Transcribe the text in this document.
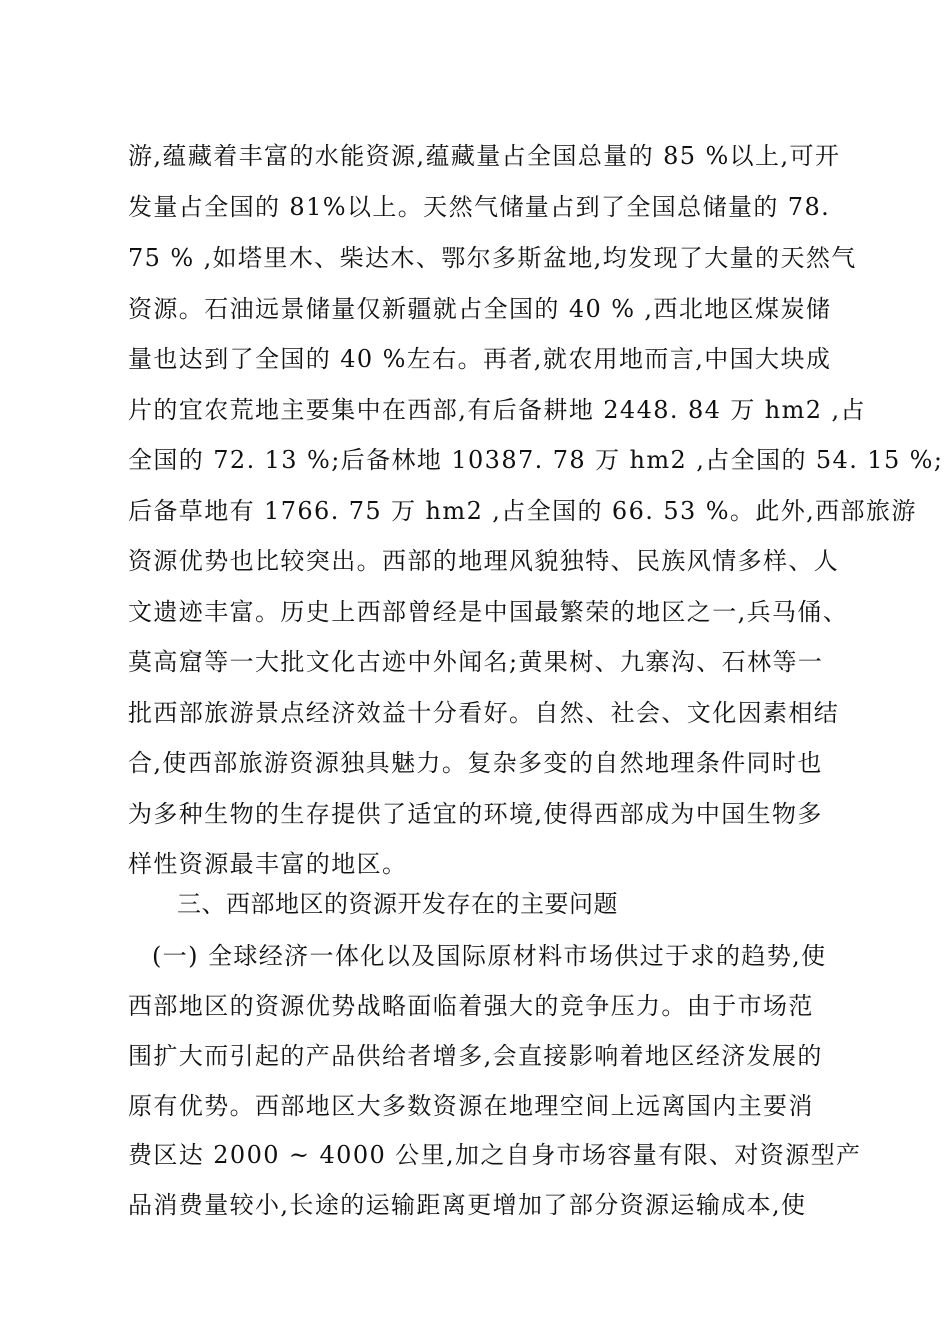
游,蕴藏着丰富的水能资源,蕴藏量占全国总量的 85 %以上,可开
发量占全国的 81%以上。天然气储量占到了全国总储量的 78.
75 % ,如塔里木、柴达木、鄂尔多斯盆地,均发现了大量的天然气
资源。石油远景储量仅新疆就占全国的 40 % ,西北地区煤炭储
量也达到了全国的 40 %左右。再者,就农用地而言,中国大块成
片的宜农荒地主要集中在西部,有后备耕地 2448. 84 万 hm2 ,占
全国的 72. 13 %;后备林地 10387. 78 万 hm2 ,占全国的 54. 15 %;
后备草地有 1766. 75 万 hm2 ,占全国的 66. 53 %。此外,西部旅游
资源优势也比较突出。西部的地理风貌独特、民族风情多样、人
文遗迹丰富。历史上西部曾经是中国最繁荣的地区之一,兵马俑、
莫高窟等一大批文化古迹中外闻名;黄果树、九寨沟、石林等一
批西部旅游景点经济效益十分看好。自然、社会、文化因素相结
合,使西部旅游资源独具魅力。复杂多变的自然地理条件同时也
为多种生物的生存提供了适宜的环境,使得西部成为中国生物多
样性资源最丰富的地区。
三、西部地区的资源开发存在的主要问题
(一) 全球经济一体化以及国际原材料市场供过于求的趋势,使
西部地区的资源优势战略面临着强大的竞争压力。由于市场范
围扩大而引起的产品供给者增多,会直接影响着地区经济发展的
原有优势。西部地区大多数资源在地理空间上远离国内主要消
费区达 2000 ~ 4000 公里,加之自身市场容量有限、对资源型产
品消费量较小,长途的运输距离更增加了部分资源运输成本,使
